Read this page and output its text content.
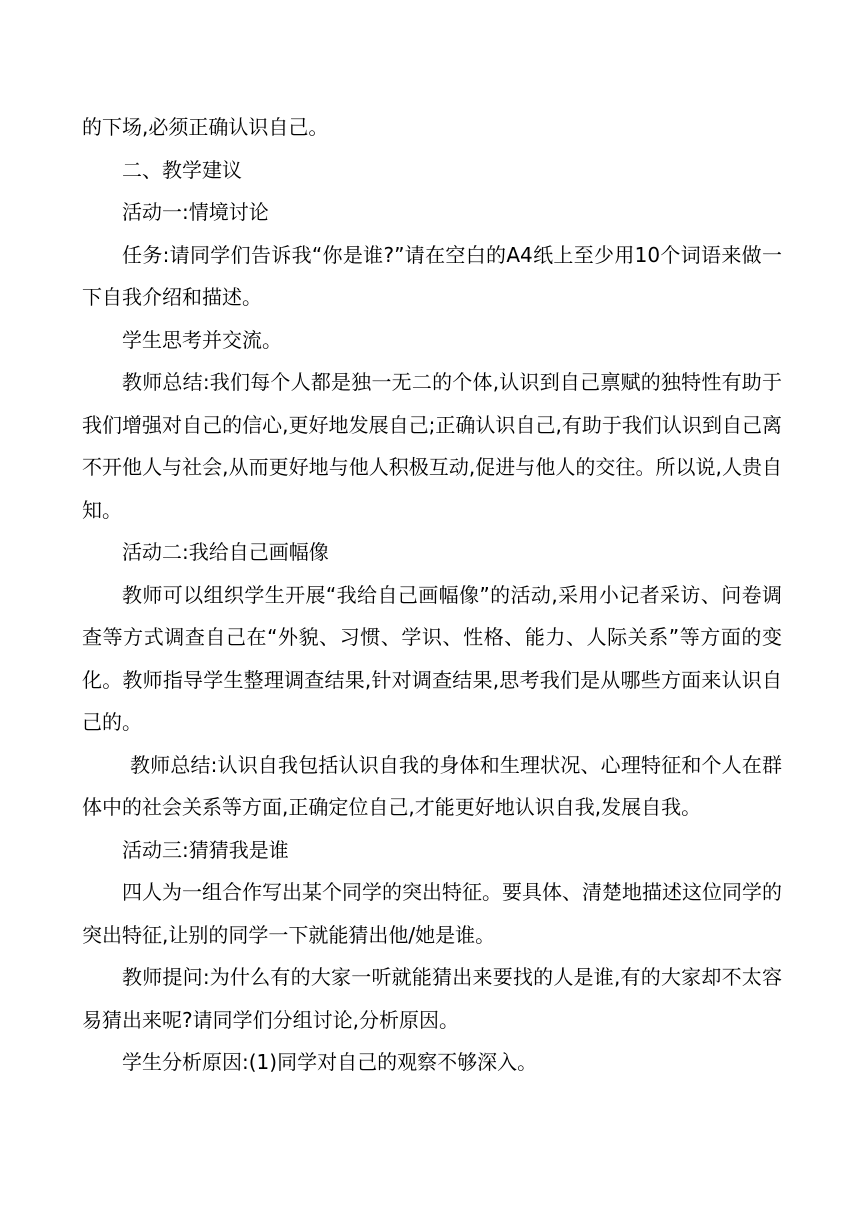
的下场,必须正确认识自己。

二、教学建议

活动一:情境讨论

任务:请同学们告诉我“你是谁?”请在空白的A4纸上至少用10个词语来做一下自我介绍和描述。

学生思考并交流。

教师总结:我们每个人都是独一无二的个体,认识到自己禀赋的独特性有助于我们增强对自己的信心,更好地发展自己;正确认识自己,有助于我们认识到自己离不开他人与社会,从而更好地与他人积极互动,促进与他人的交往。所以说,人贵自知。

活动二:我给自己画幅像

教师可以组织学生开展“我给自己画幅像”的活动,采用小记者采访、问卷调查等方式调查自己在“外貌、习惯、学识、性格、能力、人际关系”等方面的变化。教师指导学生整理调查结果,针对调查结果,思考我们是从哪些方面来认识自己的。

教师总结:认识自我包括认识自我的身体和生理状况、心理特征和个人在群体中的社会关系等方面,正确定位自己,才能更好地认识自我,发展自我。

活动三:猜猜我是谁

四人为一组合作写出某个同学的突出特征。要具体、清楚地描述这位同学的突出特征,让别的同学一下就能猜出他/她是谁。

教师提问:为什么有的大家一听就能猜出来要找的人是谁,有的大家却不太容易猜出来呢?请同学们分组讨论,分析原因。

学生分析原因:(1)同学对自己的观察不够深入。
